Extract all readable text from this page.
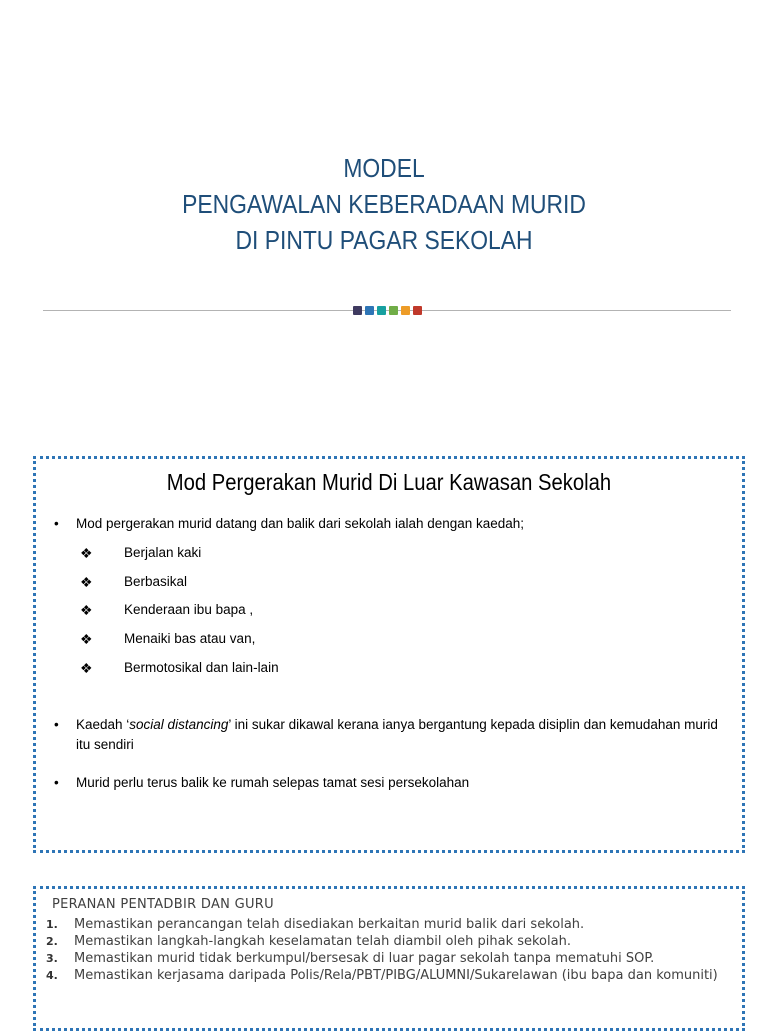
MODEL
PENGAWALAN KEBERADAAN MURID
DI PINTU PAGAR SEKOLAH
Mod Pergerakan Murid Di Luar Kawasan Sekolah
• Mod pergerakan murid datang dan balik dari sekolah ialah dengan kaedah;
❖ Berjalan kaki
❖ Berbasikal
❖ Kenderaan ibu bapa ,
❖ Menaiki bas atau van,
❖ Bermotosikal dan lain-lain
• Kaedah ‘social distancing’ ini sukar dikawal kerana ianya bergantung kepada disiplin dan kemudahan murid itu sendiri
• Murid perlu terus balik ke rumah selepas tamat sesi persekolahan
PERANAN PENTADBIR DAN GURU
1. Memastikan perancangan telah disediakan berkaitan murid balik dari sekolah.
2. Memastikan langkah-langkah keselamatan telah diambil oleh pihak sekolah.
3. Memastikan murid tidak berkumpul/bersesak di luar pagar sekolah tanpa mematuhi SOP.
4. Memastikan kerjasama daripada Polis/Rela/PBT/PIBG/ALUMNI/Sukarelawan (ibu bapa dan komuniti)
